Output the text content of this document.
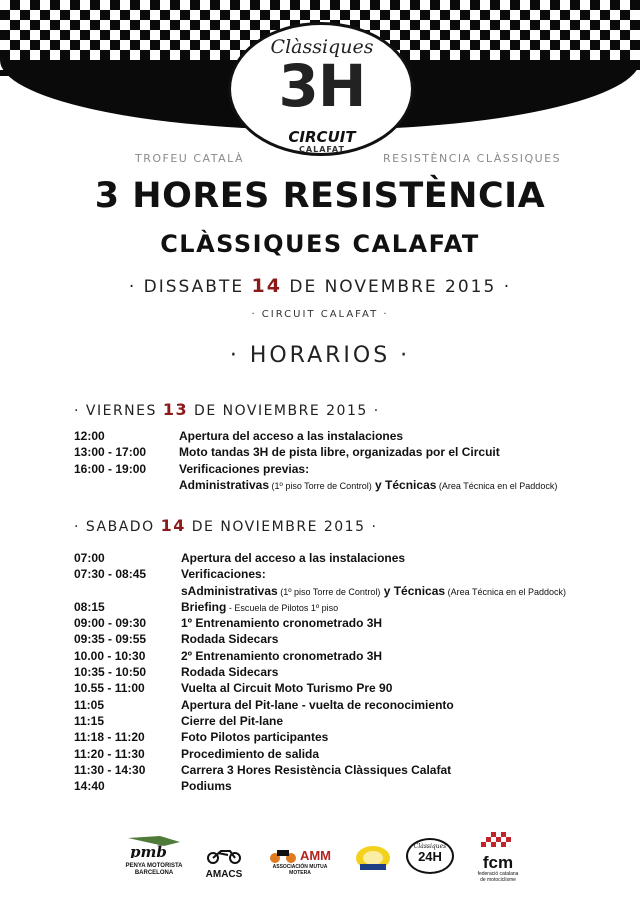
Clàssiques
3H
CIRCUIT
CALAFAT
TROFEU CATALÀ	RESISTÈNCIA CLÀSSIQUES
3 HORES RESISTÈNCIA
CLÀSSIQUES CALAFAT
· DISSABTE 14 DE NOVEMBRE 2015 ·
· CIRCUIT CALAFAT ·
· HORARIOS ·
· VIERNES 13 DE NOVIEMBRE 2015 ·
12:00	Apertura del acceso a las instalaciones
13:00 - 17:00	Moto tandas 3H de pista libre, organizadas por el Circuit
16:00 - 19:00	Verificaciones previas:
Administrativas (1º piso Torre de Control) y Técnicas (Area Técnica en el Paddock)
· SABADO 14 DE NOVIEMBRE 2015 ·
07:00	Apertura del acceso a las instalaciones
07:30 - 08:45	Verificaciones:
sAdministrativas (1º piso Torre de Control) y Técnicas (Area Técnica en el Paddock)
08:15	Briefing - Escuela de Pilotos 1º piso
09:00 - 09:30	1º Entrenamiento cronometrado 3H
09:35 - 09:55	Rodada Sidecars
10.00 - 10:30	2º Entrenamiento cronometrado 3H
10:35 - 10:50	Rodada Sidecars
10.55 - 11:00	Vuelta al Circuit Moto Turismo Pre 90
11:05	Apertura del Pit-lane - vuelta de reconocimiento
11:15	Cierre del Pit-lane
11:18 - 11:20	Foto Pilotos participantes
11:20 - 11:30	Procedimiento de salida
11:30 - 14:30	Carrera 3 Hores Resistència Clàssiques Calafat
14:40	Podiums
pmb
PENYA MOTORISTA
BARCELONA	AMACS
AMM
ASSOCIACIÓN MUTUA MOTERA
Clàssiques
24H	fcm
federació catalana
de motociclisme
